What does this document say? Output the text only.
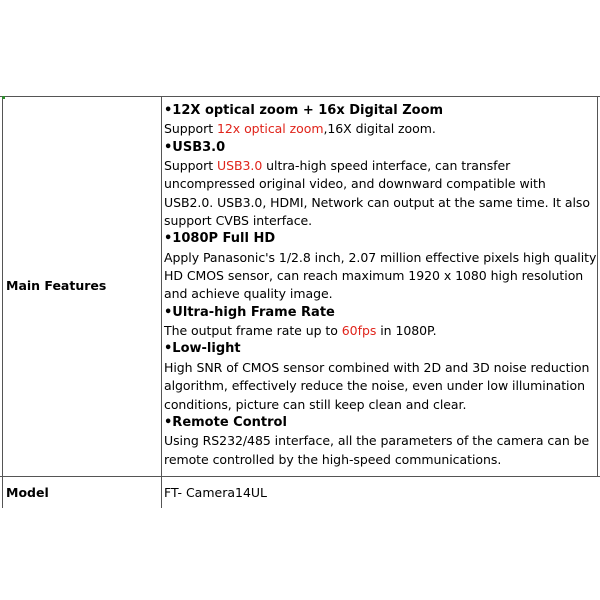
Main Features
•12X optical zoom + 16x Digital Zoom
Support 12x optical zoom,16X digital zoom.
•USB3.0
Support USB3.0 ultra-high speed interface, can transfer
uncompressed original video, and downward compatible with
USB2.0. USB3.0, HDMI, Network can output at the same time. It also
support CVBS interface.
•1080P Full HD
Apply Panasonic's 1/2.8 inch, 2.07 million effective pixels high quality
HD CMOS sensor, can reach maximum 1920 x 1080 high resolution
and achieve quality image.
•Ultra-high Frame Rate
The output frame rate up to 60fps in 1080P.
•Low-light
High SNR of CMOS sensor combined with 2D and 3D noise reduction
algorithm, effectively reduce the noise, even under low illumination
conditions, picture can still keep clean and clear.
•Remote Control
Using RS232/485 interface, all the parameters of the camera can be
remote controlled by the high-speed communications.
Model	FT- Camera14UL
